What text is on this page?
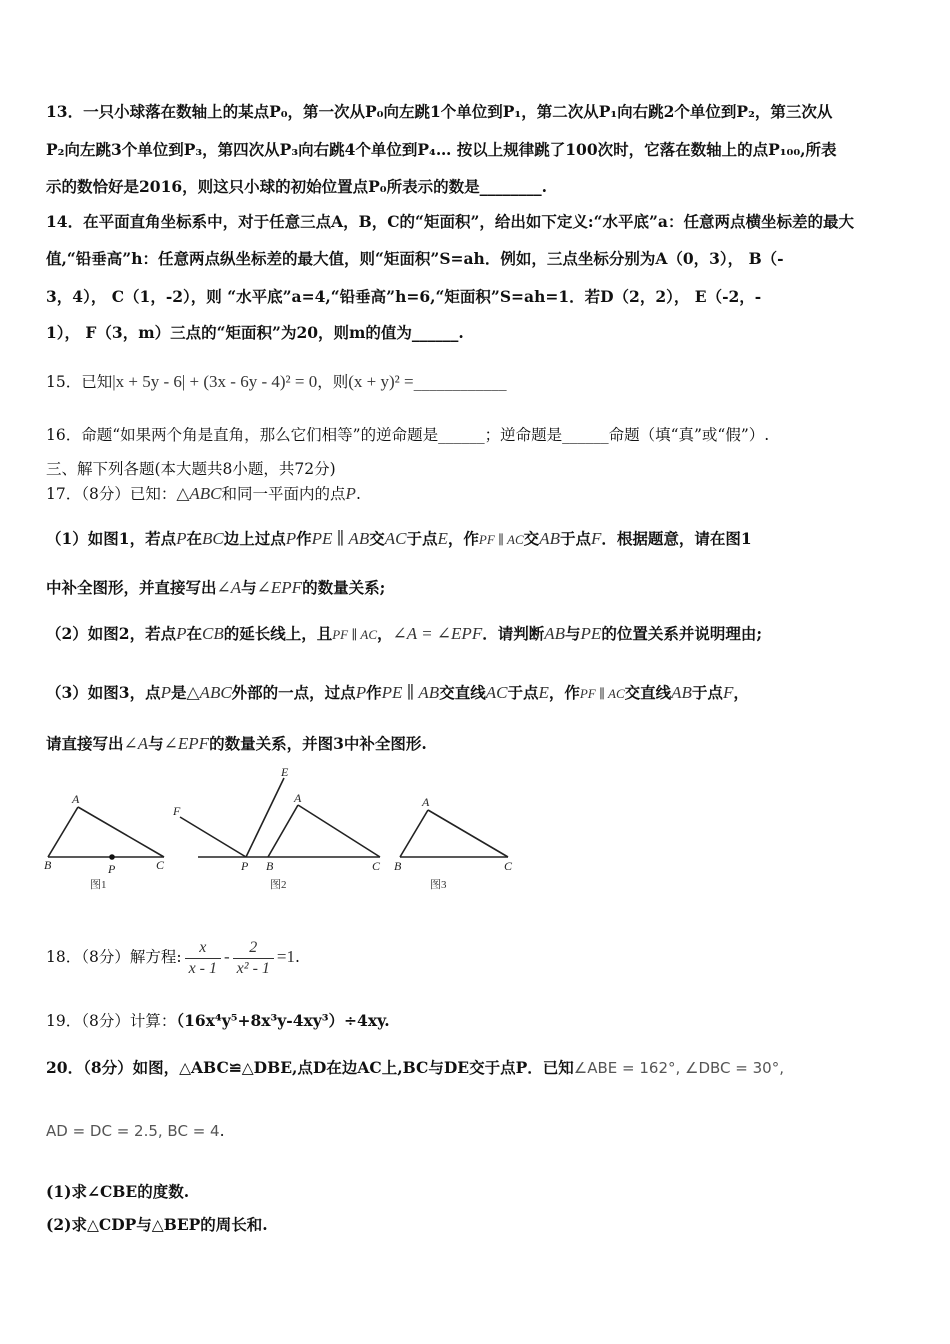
13．一只小球落在数轴上的某点P₀，第一次从P₀向左跳1个单位到P₁，第二次从P₁向右跳2个单位到P₂，第三次从
P₂向左跳3个单位到P₃，第四次从P₃向右跳4个单位到P₄… 按以上规律跳了100次时，它落在数轴上的点P₁₀₀,所表
示的数恰好是2016，则这只小球的初始位置点P₀所表示的数是________.
14．在平面直角坐标系中，对于任意三点A，B，C的“矩面积”，给出如下定义:“水平底”a：任意两点横坐标差的最大
值,“铅垂高”h：任意两点纵坐标差的最大值，则“矩面积”S=ah．例如，三点坐标分别为A（0，3）， B（-
3，4）， C（1，-2），则 “水平底”a=4,“铅垂高”h=6,“矩面积”S=ah=1．若D（2，2）， E（-2，-
1）， F（3，m）三点的“矩面积”为20，则m的值为______.
15．已知|x + 5y - 6| + (3x - 6y - 4)² = 0，则(x + y)² =____________
16．命题“如果两个角是直角，那么它们相等”的逆命题是______；逆命题是______命题（填“真”或“假”）.
三、解下列各题(本大题共8小题，共72分)
17．（8分）已知：△ABC和同一平面内的点P.
（1）如图1，若点P在BC边上过点P作PE ∥ AB交AC于点E，作PF ∥ AC交AB于点F．根据题意，请在图1
中补全图形，并直接写出∠A与∠EPF的数量关系;
（2）如图2，若点P在CB的延长线上，且PF ∥ AC，∠A = ∠EPF．请判断AB与PE的位置关系并说明理由;
（3）如图3，点P是△ABC外部的一点，过点P作PE ∥ AB交直线AC于点E，作PF ∥ AC交直线AB于点F，
请直接写出∠A与∠EPF的数量关系，并图3中补全图形.
A
B	C
P
E
F
A
P B	C
A
B	C
图1	图2	图3
18．（8分）解方程: $\frac{x}{x - 1} - \frac{2}{\text{x² - 1}} =1$.
19．（8分）计算：（16x⁴y⁵+8x³y-4xy³）÷4xy.
20．（8分）如图，△ABC≌△DBE,点D在边AC上,BC与DE交于点P．已知∠ABE = 162°, ∠DBC = 30°,
AD = DC = 2.5, BC = 4.
(1)求∠CBE的度数.
(2)求△CDP与△BEP的周长和.
